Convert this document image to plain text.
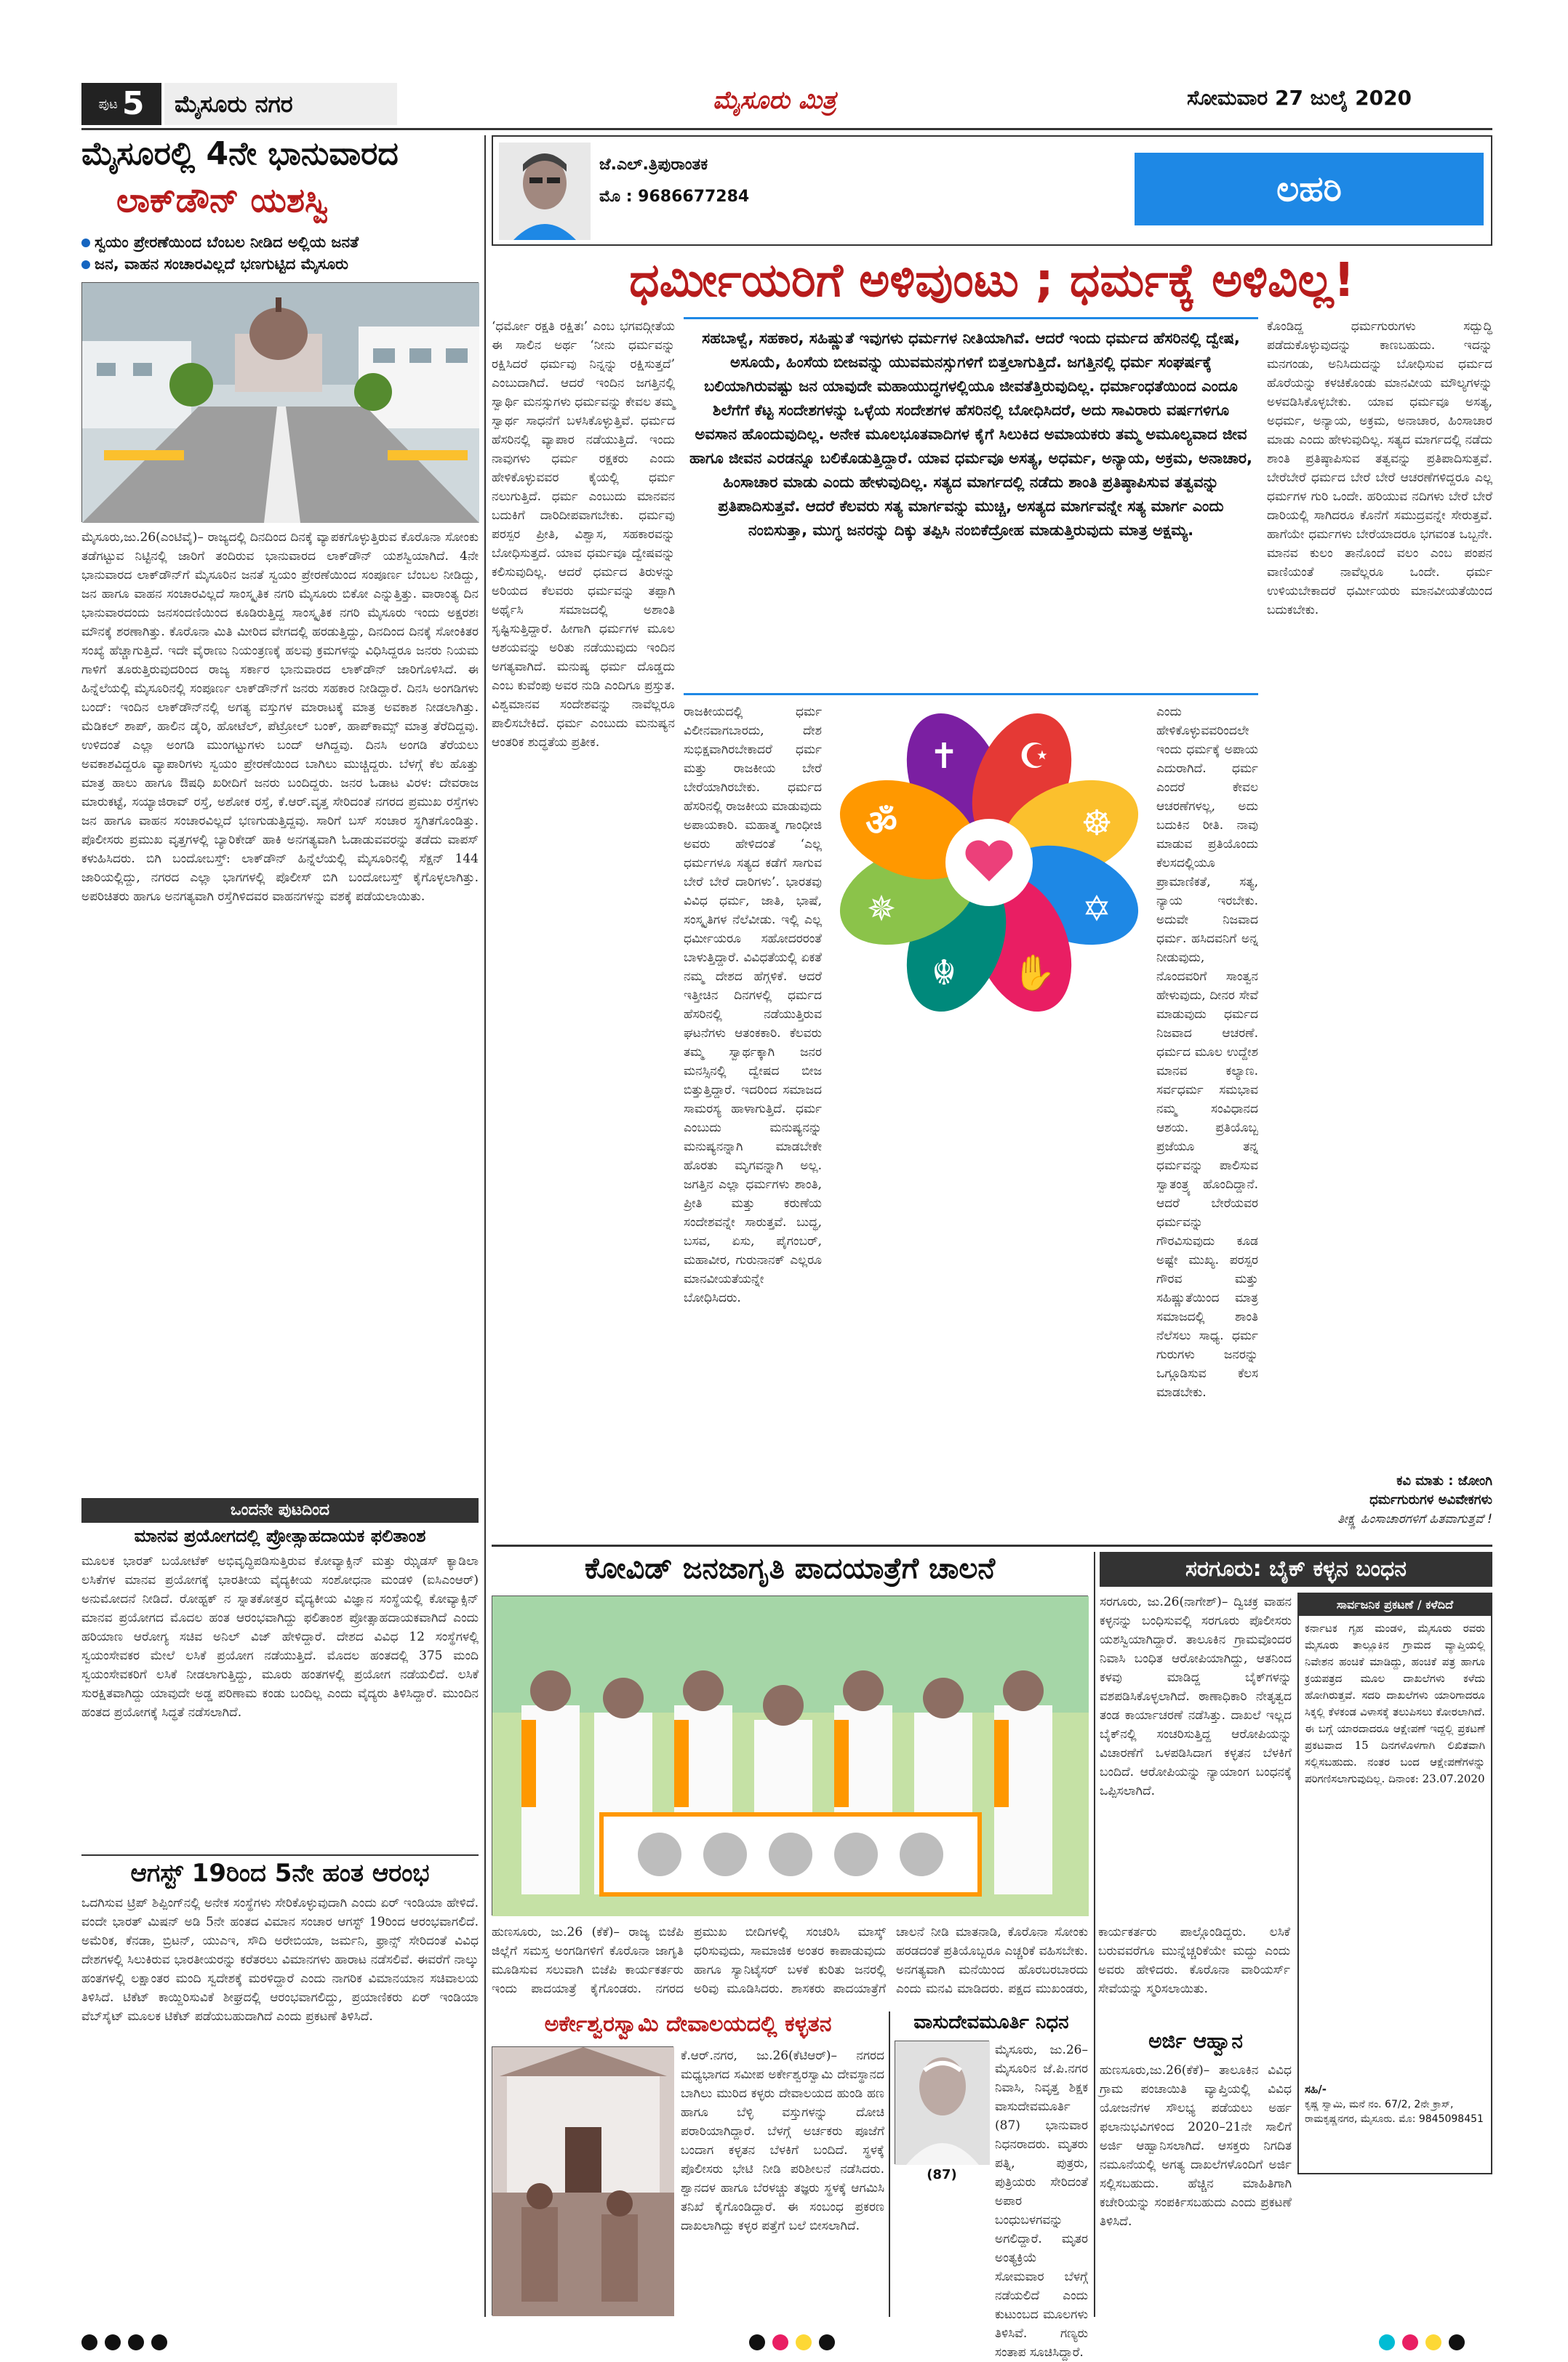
ಪುಟ 5 ಮೈಸೂರು ನಗರ	ಮೈಸೂರು ಮಿತ್ರ	ಸೋಮವಾರ 27 ಜುಲೈ 2020
ಮೈಸೂರಲ್ಲಿ 4ನೇ ಭಾನುವಾರದ
ಲಾಕ್‌ಡೌನ್ ಯಶಸ್ವಿ
ಸ್ವಯಂ ಪ್ರೇರಣೆಯಿಂದ ಬೆಂಬಲ ನೀಡಿದ ಅಲ್ಲಿಯ ಜನತೆ
ಜನ, ವಾಹನ ಸಂಚಾರವಿಲ್ಲದೆ ಭಣಗುಟ್ಟಿದ ಮೈಸೂರು
ಮೈಸೂರು,ಜು.26(ಎಂಟಿವೈ)– ರಾಜ್ಯದಲ್ಲಿ ದಿನದಿಂದ ದಿನಕ್ಕೆ ವ್ಯಾಪಕಗೊಳ್ಳುತ್ತಿರುವ ಕೊರೊನಾ ಸೋಂಕು ತಡೆಗಟ್ಟುವ ನಿಟ್ಟಿನಲ್ಲಿ ಜಾರಿಗೆ ತಂದಿರುವ ಭಾನುವಾರದ ಲಾಕ್‌ಡೌನ್ ಯಶಸ್ವಿಯಾಗಿದೆ. 4ನೇ ಭಾನುವಾರದ ಲಾಕ್‌ಡೌನ್‌ಗೆ ಮೈಸೂರಿನ ಜನತೆ ಸ್ವಯಂ ಪ್ರೇರಣೆಯಿಂದ ಸಂಪೂರ್ಣ ಬೆಂಬಲ ನೀಡಿದ್ದು, ಜನ ಹಾಗೂ ವಾಹನ ಸಂಚಾರವಿಲ್ಲದೆ ಸಾಂಸ್ಕೃತಿಕ ನಗರಿ ಮೈಸೂರು ಬಿಕೋ ಎನ್ನುತ್ತಿತ್ತು. ವಾರಾಂತ್ಯ ದಿನ ಭಾನುವಾರದಂದು ಜನಸಂದಣಿಯಿಂದ ಕೂಡಿರುತ್ತಿದ್ದ ಸಾಂಸ್ಕೃತಿಕ ನಗರಿ ಮೈಸೂರು ಇಂದು ಅಕ್ಷರಶಃ ಮೌನಕ್ಕೆ ಶರಣಾಗಿತ್ತು. ಕೊರೊನಾ ಮಿತಿ ಮೀರಿದ ವೇಗದಲ್ಲಿ ಹರಡುತ್ತಿದ್ದು, ದಿನದಿಂದ ದಿನಕ್ಕೆ ಸೋಂಕಿತರ ಸಂಖ್ಯೆ ಹೆಚ್ಚಾಗುತ್ತಿದೆ. ಇದೇ ವೈರಾಣು ನಿಯಂತ್ರಣಕ್ಕೆ ಹಲವು ಕ್ರಮಗಳನ್ನು ವಿಧಿಸಿದ್ದರೂ ಜನರು ನಿಯಮ ಗಾಳಿಗೆ ತೂರುತ್ತಿರುವುದರಿಂದ ರಾಜ್ಯ ಸರ್ಕಾರ ಭಾನುವಾರದ ಲಾಕ್‌ಡೌನ್ ಜಾರಿಗೊಳಿಸಿದೆ. ಈ ಹಿನ್ನೆಲೆಯಲ್ಲಿ ಮೈಸೂರಿನಲ್ಲಿ ಸಂಪೂರ್ಣ ಲಾಕ್‌ಡೌನ್‌ಗೆ ಜನರು ಸಹಕಾರ ನೀಡಿದ್ದಾರೆ. ದಿನಸಿ ಅಂಗಡಿಗಳು ಬಂದ್: ಇಂದಿನ ಲಾಕ್‌ಡೌನ್‌ನಲ್ಲಿ ಅಗತ್ಯ ವಸ್ತುಗಳ ಮಾರಾಟಕ್ಕೆ ಮಾತ್ರ ಅವಕಾಶ ನೀಡಲಾಗಿತ್ತು. ಮೆಡಿಕಲ್ ಶಾಪ್, ಹಾಲಿನ ಡೈರಿ, ಹೋಟೆಲ್, ಪೆಟ್ರೋಲ್ ಬಂಕ್, ಹಾಪ್‌ಕಾಮ್ಸ್ ಮಾತ್ರ ತೆರೆದಿದ್ದವು. ಉಳಿದಂತೆ ಎಲ್ಲಾ ಅಂಗಡಿ ಮುಂಗಟ್ಟುಗಳು ಬಂದ್ ಆಗಿದ್ದವು. ದಿನಸಿ ಅಂಗಡಿ ತೆರೆಯಲು ಅವಕಾಶವಿದ್ದರೂ ವ್ಯಾಪಾರಿಗಳು ಸ್ವಯಂ ಪ್ರೇರಣೆಯಿಂದ ಬಾಗಿಲು ಮುಚ್ಚಿದ್ದರು. ಬೆಳಗ್ಗೆ ಕೆಲ ಹೊತ್ತು ಮಾತ್ರ ಹಾಲು ಹಾಗೂ ಔಷಧಿ ಖರೀದಿಗೆ ಜನರು ಬಂದಿದ್ದರು. ಜನರ ಓಡಾಟ ವಿರಳ: ದೇವರಾಜ ಮಾರುಕಟ್ಟೆ, ಸಯ್ಯಾಜಿರಾವ್ ರಸ್ತೆ, ಅಶೋಕ ರಸ್ತೆ, ಕೆ.ಆರ್.ವೃತ್ತ ಸೇರಿದಂತೆ ನಗರದ ಪ್ರಮುಖ ರಸ್ತೆಗಳು ಜನ ಹಾಗೂ ವಾಹನ ಸಂಚಾರವಿಲ್ಲದೆ ಭಣಗುಡುತ್ತಿದ್ದವು. ಸಾರಿಗೆ ಬಸ್ ಸಂಚಾರ ಸ್ಥಗಿತಗೊಂಡಿತ್ತು. ಪೊಲೀಸರು ಪ್ರಮುಖ ವೃತ್ತಗಳಲ್ಲಿ ಬ್ಯಾರಿಕೇಡ್ ಹಾಕಿ ಅನಗತ್ಯವಾಗಿ ಓಡಾಡುವವರನ್ನು ತಡೆದು ವಾಪಸ್ ಕಳುಹಿಸಿದರು. ಬಿಗಿ ಬಂದೋಬಸ್ತ್: ಲಾಕ್‌ಡೌನ್ ಹಿನ್ನೆಲೆಯಲ್ಲಿ ಮೈಸೂರಿನಲ್ಲಿ ಸೆಕ್ಷನ್ 144 ಜಾರಿಯಲ್ಲಿದ್ದು, ನಗರದ ಎಲ್ಲಾ ಭಾಗಗಳಲ್ಲಿ ಪೊಲೀಸ್ ಬಿಗಿ ಬಂದೋಬಸ್ತ್ ಕೈಗೊಳ್ಳಲಾಗಿತ್ತು. ಅಪರಿಚಿತರು ಹಾಗೂ ಅನಗತ್ಯವಾಗಿ ರಸ್ತೆಗಿಳಿದವರ ವಾಹನಗಳನ್ನು ವಶಕ್ಕೆ ಪಡೆಯಲಾಯಿತು.
ಒಂದನೇ ಪುಟದಿಂದ
ಮಾನವ ಪ್ರಯೋಗದಲ್ಲಿ ಪ್ರೋತ್ಸಾಹದಾಯಕ ಫಲಿತಾಂಶ
ಮೂಲಕ ಭಾರತ್ ಬಯೋಟೆಕ್ ಅಭಿವೃದ್ಧಿಪಡಿಸುತ್ತಿರುವ ಕೋವ್ಯಾಕ್ಸಿನ್ ಮತ್ತು ಝೈಡಸ್ ಕ್ಯಾಡಿಲಾ ಲಸಿಕೆಗಳ ಮಾನವ ಪ್ರಯೋಗಕ್ಕೆ ಭಾರತೀಯ ವೈದ್ಯಕೀಯ ಸಂಶೋಧನಾ ಮಂಡಳಿ (ಐಸಿಎಂಆರ್) ಅನುಮೋದನೆ ನೀಡಿದೆ. ರೋಹ್ಟಕ್ ನ ಸ್ನಾತಕೋತ್ತರ ವೈದ್ಯಕೀಯ ವಿಜ್ಞಾನ ಸಂಸ್ಥೆಯಲ್ಲಿ ಕೋವ್ಯಾಕ್ಸಿನ್ ಮಾನವ ಪ್ರಯೋಗದ ಮೊದಲ ಹಂತ ಆರಂಭವಾಗಿದ್ದು ಫಲಿತಾಂಶ ಪ್ರೋತ್ಸಾಹದಾಯಕವಾಗಿದೆ ಎಂದು ಹರಿಯಾಣ ಆರೋಗ್ಯ ಸಚಿವ ಅನಿಲ್ ವಿಜ್ ಹೇಳಿದ್ದಾರೆ. ದೇಶದ ವಿವಿಧ 12 ಸಂಸ್ಥೆಗಳಲ್ಲಿ ಸ್ವಯಂಸೇವಕರ ಮೇಲೆ ಲಸಿಕೆ ಪ್ರಯೋಗ ನಡೆಯುತ್ತಿದೆ. ಮೊದಲ ಹಂತದಲ್ಲಿ 375 ಮಂದಿ ಸ್ವಯಂಸೇವಕರಿಗೆ ಲಸಿಕೆ ನೀಡಲಾಗುತ್ತಿದ್ದು, ಮೂರು ಹಂತಗಳಲ್ಲಿ ಪ್ರಯೋಗ ನಡೆಯಲಿದೆ. ಲಸಿಕೆ ಸುರಕ್ಷಿತವಾಗಿದ್ದು ಯಾವುದೇ ಅಡ್ಡ ಪರಿಣಾಮ ಕಂಡು ಬಂದಿಲ್ಲ ಎಂದು ವೈದ್ಯರು ತಿಳಿಸಿದ್ದಾರೆ. ಮುಂದಿನ ಹಂತದ ಪ್ರಯೋಗಕ್ಕೆ ಸಿದ್ಧತೆ ನಡೆಸಲಾಗಿದೆ.
ಆಗಸ್ಟ್ 19ರಿಂದ 5ನೇ ಹಂತ ಆರಂಭ
ಒದಗಿಸುವ ಟ್ರಿಪ್ ಶಿಪ್ಪಿಂಗ್‌ನಲ್ಲಿ ಅನೇಕ ಸಂಸ್ಥೆಗಳು ಸೇರಿಕೊಳ್ಳುವುದಾಗಿ ಎಂದು ಏರ್ ಇಂಡಿಯಾ ಹೇಳಿದೆ. ವಂದೇ ಭಾರತ್ ಮಿಷನ್ ಅಡಿ 5ನೇ ಹಂತದ ವಿಮಾನ ಸಂಚಾರ ಆಗಸ್ಟ್ 19ರಿಂದ ಆರಂಭವಾಗಲಿದೆ. ಅಮೆರಿಕ, ಕೆನಡಾ, ಬ್ರಿಟನ್, ಯುಎಇ, ಸೌದಿ ಅರೇಬಿಯಾ, ಜರ್ಮನಿ, ಫ್ರಾನ್ಸ್ ಸೇರಿದಂತೆ ವಿವಿಧ ದೇಶಗಳಲ್ಲಿ ಸಿಲುಕಿರುವ ಭಾರತೀಯರನ್ನು ಕರೆತರಲು ವಿಮಾನಗಳು ಹಾರಾಟ ನಡೆಸಲಿವೆ. ಈವರೆಗೆ ನಾಲ್ಕು ಹಂತಗಳಲ್ಲಿ ಲಕ್ಷಾಂತರ ಮಂದಿ ಸ್ವದೇಶಕ್ಕೆ ಮರಳಿದ್ದಾರೆ ಎಂದು ನಾಗರಿಕ ವಿಮಾನಯಾನ ಸಚಿವಾಲಯ ತಿಳಿಸಿದೆ. ಟಿಕೆಟ್ ಕಾಯ್ದಿರಿಸುವಿಕೆ ಶೀಘ್ರದಲ್ಲಿ ಆರಂಭವಾಗಲಿದ್ದು, ಪ್ರಯಾಣಿಕರು ಏರ್ ಇಂಡಿಯಾ ವೆಬ್‌ಸೈಟ್ ಮೂಲಕ ಟಿಕೆಟ್ ಪಡೆಯಬಹುದಾಗಿದೆ ಎಂದು ಪ್ರಕಟಣೆ ತಿಳಿಸಿದೆ.
ಜೆ.ಎಲ್.ತ್ರಿಪುರಾಂತಕ
ಮೊ : 9686677284	ಲಹರಿ
ಧರ್ಮೀಯರಿಗೆ ಅಳಿವುಂಟು ; ಧರ್ಮಕ್ಕೆ ಅಳಿವಿಲ್ಲ!
‘ಧರ್ಮೋ ರಕ್ಷತಿ ರಕ್ಷಿತಃ’ ಎಂಬ ಭಗವದ್ಗೀತೆಯ ಈ ಸಾಲಿನ ಅರ್ಥ ‘ನೀನು ಧರ್ಮವನ್ನು ರಕ್ಷಿಸಿದರೆ ಧರ್ಮವು ನಿನ್ನನ್ನು ರಕ್ಷಿಸುತ್ತದೆ’ ಎಂಬುದಾಗಿದೆ. ಆದರೆ ಇಂದಿನ ಜಗತ್ತಿನಲ್ಲಿ ಸ್ವಾರ್ಥಿ ಮನಸ್ಸುಗಳು ಧರ್ಮವನ್ನು ಕೇವಲ ತಮ್ಮ ಸ್ವಾರ್ಥ ಸಾಧನೆಗೆ ಬಳಸಿಕೊಳ್ಳುತ್ತಿವೆ. ಧರ್ಮದ ಹೆಸರಿನಲ್ಲಿ ವ್ಯಾಪಾರ ನಡೆಯುತ್ತಿದೆ. ಇಂದು ನಾವುಗಳು ಧರ್ಮ ರಕ್ಷಕರು ಎಂದು ಹೇಳಿಕೊಳ್ಳುವವರ ಕೈಯಲ್ಲಿ ಧರ್ಮ ನಲುಗುತ್ತಿದೆ. ಧರ್ಮ ಎಂಬುದು ಮಾನವನ ಬದುಕಿಗೆ ದಾರಿದೀಪವಾಗಬೇಕು. ಧರ್ಮವು ಪರಸ್ಪರ ಪ್ರೀತಿ, ವಿಶ್ವಾಸ, ಸಹಕಾರವನ್ನು ಬೋಧಿಸುತ್ತದೆ. ಯಾವ ಧರ್ಮವೂ ದ್ವೇಷವನ್ನು ಕಲಿಸುವುದಿಲ್ಲ. ಆದರೆ ಧರ್ಮದ ತಿರುಳನ್ನು ಅರಿಯದ ಕೆಲವರು ಧರ್ಮವನ್ನು ತಪ್ಪಾಗಿ ಅರ್ಥೈಸಿ ಸಮಾಜದಲ್ಲಿ ಅಶಾಂತಿ ಸೃಷ್ಟಿಸುತ್ತಿದ್ದಾರೆ. ಹೀಗಾಗಿ ಧರ್ಮಗಳ ಮೂಲ ಆಶಯವನ್ನು ಅರಿತು ನಡೆಯುವುದು ಇಂದಿನ ಅಗತ್ಯವಾಗಿದೆ. ಮನುಷ್ಯ ಧರ್ಮ ದೊಡ್ಡದು ಎಂಬ ಕುವೆಂಪು ಅವರ ನುಡಿ ಎಂದಿಗೂ ಪ್ರಸ್ತುತ. ವಿಶ್ವಮಾನವ ಸಂದೇಶವನ್ನು ನಾವೆಲ್ಲರೂ ಪಾಲಿಸಬೇಕಿದೆ. ಧರ್ಮ ಎಂಬುದು ಮನುಷ್ಯನ ಆಂತರಿಕ ಶುದ್ಧತೆಯ ಪ್ರತೀಕ.
ಸಹಬಾಳ್ವೆ, ಸಹಕಾರ, ಸಹಿಷ್ಣುತೆ ಇವುಗಳು ಧರ್ಮಗಳ ನೀತಿಯಾಗಿವೆ. ಆದರೆ ಇಂದು ಧರ್ಮದ ಹೆಸರಿನಲ್ಲಿ ದ್ವೇಷ, ಅಸೂಯೆ, ಹಿಂಸೆಯ ಬೀಜವನ್ನು ಯುವಮನಸ್ಸುಗಳಿಗೆ ಬಿತ್ತಲಾಗುತ್ತಿದೆ. ಜಗತ್ತಿನಲ್ಲಿ ಧರ್ಮ ಸಂಘರ್ಷಕ್ಕೆ ಬಲಿಯಾಗಿರುವಷ್ಟು ಜನ ಯಾವುದೇ ಮಹಾಯುದ್ಧಗಳಲ್ಲಿಯೂ ಜೀವತೆತ್ತಿರುವುದಿಲ್ಲ. ಧರ್ಮಾಂಧತೆಯಿಂದ ಎಂದೂ ಶಿಲೆಗೆಗೆ ಕೆಟ್ಟ ಸಂದೇಶಗಳನ್ನು ಒಳ್ಳೆಯ ಸಂದೇಶಗಳ ಹೆಸರಿನಲ್ಲಿ ಬೋಧಿಸಿದರೆ, ಅದು ಸಾವಿರಾರು ವರ್ಷಗಳಿಗೂ ಅವಸಾನ ಹೊಂದುವುದಿಲ್ಲ. ಅನೇಕ ಮೂಲಭೂತವಾದಿಗಳ ಕೈಗೆ ಸಿಲುಕಿದ ಅಮಾಯಕರು ತಮ್ಮ ಅಮೂಲ್ಯವಾದ ಜೀವ ಹಾಗೂ ಜೀವನ ಎರಡನ್ನೂ ಬಲಿಕೊಡುತ್ತಿದ್ದಾರೆ. ಯಾವ ಧರ್ಮವೂ ಅಸತ್ಯ, ಅಧರ್ಮ, ಅನ್ಯಾಯ, ಅಕ್ರಮ, ಅನಾಚಾರ, ಹಿಂಸಾಚಾರ ಮಾಡು ಎಂದು ಹೇಳುವುದಿಲ್ಲ. ಸತ್ಯದ ಮಾರ್ಗದಲ್ಲಿ ನಡೆದು ಶಾಂತಿ ಪ್ರತಿಷ್ಠಾಪಿಸುವ ತತ್ವವನ್ನು ಪ್ರತಿಪಾದಿಸುತ್ತವೆ. ಆದರೆ ಕೆಲವರು ಸತ್ಯ ಮಾರ್ಗವನ್ನು ಮುಚ್ಚಿ, ಅಸತ್ಯದ ಮಾರ್ಗವನ್ನೇ ಸತ್ಯ ಮಾರ್ಗ ಎಂದು ನಂಬಿಸುತ್ತಾ, ಮುಗ್ಧ ಜನರನ್ನು ದಿಕ್ಕು ತಪ್ಪಿಸಿ ನಂಬಿಕೆದ್ರೋಹ ಮಾಡುತ್ತಿರುವುದು ಮಾತ್ರ ಅಕ್ಷಮ್ಯ.
ಕೊಂಡಿದ್ದ ಧರ್ಮಗುರುಗಳು ಸದ್ಬುದ್ಧಿ ಪಡೆದುಕೊಳ್ಳುವುದನ್ನು ಕಾಣಬಹುದು. ಇದನ್ನು ಮನಗಂಡು, ಅನಿಸಿದುದನ್ನು ಬೋಧಿಸುವ ಧರ್ಮದ ಹೊರೆಯನ್ನು ಕಳಚಿಕೊಂಡು ಮಾನವೀಯ ಮೌಲ್ಯಗಳನ್ನು ಅಳವಡಿಸಿಕೊಳ್ಳಬೇಕು. ಯಾವ ಧರ್ಮವೂ ಅಸತ್ಯ, ಅಧರ್ಮ, ಅನ್ಯಾಯ, ಅಕ್ರಮ, ಅನಾಚಾರ, ಹಿಂಸಾಚಾರ ಮಾಡು ಎಂದು ಹೇಳುವುದಿಲ್ಲ. ಸತ್ಯದ ಮಾರ್ಗದಲ್ಲಿ ನಡೆದು ಶಾಂತಿ ಪ್ರತಿಷ್ಠಾಪಿಸುವ ತತ್ವವನ್ನು ಪ್ರತಿಪಾದಿಸುತ್ತವೆ. ಬೇರೆಬೇರೆ ಧರ್ಮದ ಬೇರೆ ಬೇರೆ ಆಚರಣೆಗಳಿದ್ದರೂ ಎಲ್ಲ ಧರ್ಮಗಳ ಗುರಿ ಒಂದೇ. ಹರಿಯುವ ನದಿಗಳು ಬೇರೆ ಬೇರೆ ದಾರಿಯಲ್ಲಿ ಸಾಗಿದರೂ ಕೊನೆಗೆ ಸಮುದ್ರವನ್ನೇ ಸೇರುತ್ತವೆ. ಹಾಗೆಯೇ ಧರ್ಮಗಳು ಬೇರೆಯಾದರೂ ಭಗವಂತ ಒಬ್ಬನೇ. ಮಾನವ ಕುಲಂ ತಾನೊಂದೆ ವಲಂ ಎಂಬ ಪಂಪನ ವಾಣಿಯಂತೆ ನಾವೆಲ್ಲರೂ ಒಂದೇ. ಧರ್ಮ ಉಳಿಯಬೇಕಾದರೆ ಧರ್ಮೀಯರು ಮಾನವೀಯತೆಯಿಂದ ಬದುಕಬೇಕು.
ರಾಜಕೀಯದಲ್ಲಿ ಧರ್ಮ ವಿಲೀನವಾಗಬಾರದು, ದೇಶ ಸುಭಿಕ್ಷವಾಗಿರಬೇಕಾದರೆ ಧರ್ಮ ಮತ್ತು ರಾಜಕೀಯ ಬೇರೆ ಬೇರೆಯಾಗಿರಬೇಕು. ಧರ್ಮದ ಹೆಸರಿನಲ್ಲಿ ರಾಜಕೀಯ ಮಾಡುವುದು ಅಪಾಯಕಾರಿ. ಮಹಾತ್ಮ ಗಾಂಧೀಜಿ ಅವರು ಹೇಳಿದಂತೆ ‘ಎಲ್ಲ ಧರ್ಮಗಳೂ ಸತ್ಯದ ಕಡೆಗೆ ಸಾಗುವ ಬೇರೆ ಬೇರೆ ದಾರಿಗಳು’. ಭಾರತವು ವಿವಿಧ ಧರ್ಮ, ಜಾತಿ, ಭಾಷೆ, ಸಂಸ್ಕೃತಿಗಳ ನೆಲೆವೀಡು. ಇಲ್ಲಿ ಎಲ್ಲ ಧರ್ಮೀಯರೂ ಸಹೋದರರಂತೆ ಬಾಳುತ್ತಿದ್ದಾರೆ. ವಿವಿಧತೆಯಲ್ಲಿ ಏಕತೆ ನಮ್ಮ ದೇಶದ ಹೆಗ್ಗಳಿಕೆ. ಆದರೆ ಇತ್ತೀಚಿನ ದಿನಗಳಲ್ಲಿ ಧರ್ಮದ ಹೆಸರಿನಲ್ಲಿ ನಡೆಯುತ್ತಿರುವ ಘಟನೆಗಳು ಆತಂಕಕಾರಿ. ಕೆಲವರು ತಮ್ಮ ಸ್ವಾರ್ಥಕ್ಕಾಗಿ ಜನರ ಮನಸ್ಸಿನಲ್ಲಿ ದ್ವೇಷದ ಬೀಜ ಬಿತ್ತುತ್ತಿದ್ದಾರೆ. ಇದರಿಂದ ಸಮಾಜದ ಸಾಮರಸ್ಯ ಹಾಳಾಗುತ್ತಿದೆ. ಧರ್ಮ ಎಂಬುದು ಮನುಷ್ಯನನ್ನು ಮನುಷ್ಯನನ್ನಾಗಿ ಮಾಡಬೇಕೇ ಹೊರತು ಮೃಗವನ್ನಾಗಿ ಅಲ್ಲ. ಜಗತ್ತಿನ ಎಲ್ಲಾ ಧರ್ಮಗಳು ಶಾಂತಿ, ಪ್ರೀತಿ ಮತ್ತು ಕರುಣೆಯ ಸಂದೇಶವನ್ನೇ ಸಾರುತ್ತವೆ. ಬುದ್ಧ, ಬಸವ, ಏಸು, ಪೈಗಂಬರ್, ಮಹಾವೀರ, ಗುರುನಾನಕ್ ಎಲ್ಲರೂ ಮಾನವೀಯತೆಯನ್ನೇ ಬೋಧಿಸಿದರು.
✝ ☪
☸
✡
✋
☬
✵
ॐ
ಎಂದು ಹೇಳಿಕೊಳ್ಳುವವರಿಂದಲೇ ಇಂದು ಧರ್ಮಕ್ಕೆ ಅಪಾಯ ಎದುರಾಗಿದೆ. ಧರ್ಮ ಎಂದರೆ ಕೇವಲ ಆಚರಣೆಗಳಲ್ಲ, ಅದು ಬದುಕಿನ ರೀತಿ. ನಾವು ಮಾಡುವ ಪ್ರತಿಯೊಂದು ಕೆಲಸದಲ್ಲಿಯೂ ಪ್ರಾಮಾಣಿಕತೆ, ಸತ್ಯ, ನ್ಯಾಯ ಇರಬೇಕು. ಅದುವೇ ನಿಜವಾದ ಧರ್ಮ. ಹಸಿದವನಿಗೆ ಅನ್ನ ನೀಡುವುದು, ನೊಂದವರಿಗೆ ಸಾಂತ್ವನ ಹೇಳುವುದು, ದೀನರ ಸೇವೆ ಮಾಡುವುದು ಧರ್ಮದ ನಿಜವಾದ ಆಚರಣೆ. ಧರ್ಮದ ಮೂಲ ಉದ್ದೇಶ ಮಾನವ ಕಲ್ಯಾಣ. ಸರ್ವಧರ್ಮ ಸಮಭಾವ ನಮ್ಮ ಸಂವಿಧಾನದ ಆಶಯ. ಪ್ರತಿಯೊಬ್ಬ ಪ್ರಜೆಯೂ ತನ್ನ ಧರ್ಮವನ್ನು ಪಾಲಿಸುವ ಸ್ವಾತಂತ್ರ್ಯ ಹೊಂದಿದ್ದಾನೆ. ಆದರೆ ಬೇರೆಯವರ ಧರ್ಮವನ್ನು ಗೌರವಿಸುವುದು ಕೂಡ ಅಷ್ಟೇ ಮುಖ್ಯ. ಪರಸ್ಪರ ಗೌರವ ಮತ್ತು ಸಹಿಷ್ಣುತೆಯಿಂದ ಮಾತ್ರ ಸಮಾಜದಲ್ಲಿ ಶಾಂತಿ ನೆಲೆಸಲು ಸಾಧ್ಯ. ಧರ್ಮ ಗುರುಗಳು ಜನರನ್ನು ಒಗ್ಗೂಡಿಸುವ ಕೆಲಸ ಮಾಡಬೇಕು.
ಕವಿ ಮಾತು : ಜೋಂಗಿ
ಧರ್ಮಗುರುಗಳ ಅವಿವೇಕಗಳು
ತೀಕ್ಷ್ಣ ಹಿಂಸಾಚಾರಗಳಿಗೆ ಹಿತವಾಗುತ್ತವೆ !
ಕೋವಿಡ್ ಜನಜಾಗೃತಿ ಪಾದಯಾತ್ರೆಗೆ ಚಾಲನೆ
ಹುಣಸೂರು, ಜು.26 (ಕೆಕೆ)– ರಾಜ್ಯ ಬಿಜೆಪಿ ಜಿಲ್ಲೆಗೆ ಸಮಸ್ತ ಅಂಗಡಿಗಳಿಗೆ ಕೊರೊನಾ ಜಾಗೃತಿ ಮೂಡಿಸುವ ಸಲುವಾಗಿ ಬಿಜೆಪಿ ಕಾರ್ಯಕರ್ತರು ಇಂದು ಪಾದಯಾತ್ರೆ ಕೈಗೊಂಡರು. ನಗರದ ಪ್ರಮುಖ ಬೀದಿಗಳಲ್ಲಿ ಸಂಚರಿಸಿ ಮಾಸ್ಕ್ ಧರಿಸುವುದು, ಸಾಮಾಜಿಕ ಅಂತರ ಕಾಪಾಡುವುದು ಹಾಗೂ ಸ್ಯಾನಿಟೈಸರ್ ಬಳಕೆ ಕುರಿತು ಜನರಲ್ಲಿ ಅರಿವು ಮೂಡಿಸಿದರು. ಶಾಸಕರು ಪಾದಯಾತ್ರೆಗೆ ಚಾಲನೆ ನೀಡಿ ಮಾತನಾಡಿ, ಕೊರೊನಾ ಸೋಂಕು ಹರಡದಂತೆ ಪ್ರತಿಯೊಬ್ಬರೂ ಎಚ್ಚರಿಕೆ ವಹಿಸಬೇಕು. ಅನಗತ್ಯವಾಗಿ ಮನೆಯಿಂದ ಹೊರಬರಬಾರದು ಎಂದು ಮನವಿ ಮಾಡಿದರು. ಪಕ್ಷದ ಮುಖಂಡರು, ಕಾರ್ಯಕರ್ತರು ಪಾಲ್ಗೊಂಡಿದ್ದರು. ಲಸಿಕೆ ಬರುವವರೆಗೂ ಮುನ್ನೆಚ್ಚರಿಕೆಯೇ ಮದ್ದು ಎಂದು ಅವರು ಹೇಳಿದರು. ಕೊರೊನಾ ವಾರಿಯರ್ಸ್ ಸೇವೆಯನ್ನು ಸ್ಮರಿಸಲಾಯಿತು.
ಅರ್ಕೇಶ್ವರಸ್ವಾಮಿ ದೇವಾಲಯದಲ್ಲಿ ಕಳ್ಳತನ
ಕೆ.ಆರ್.ನಗರ, ಜು.26(ಕೆಟಿಆರ್)– ನಗರದ ಮಧ್ಯಭಾಗದ ಸಮೀಪ ಅರ್ಕೇಶ್ವರಸ್ವಾಮಿ ದೇವಸ್ಥಾನದ ಬಾಗಿಲು ಮುರಿದ ಕಳ್ಳರು ದೇವಾಲಯದ ಹುಂಡಿ ಹಣ ಹಾಗೂ ಬೆಳ್ಳಿ ವಸ್ತುಗಳನ್ನು ದೋಚಿ ಪರಾರಿಯಾಗಿದ್ದಾರೆ. ಬೆಳಗ್ಗೆ ಅರ್ಚಕರು ಪೂಜೆಗೆ ಬಂದಾಗ ಕಳ್ಳತನ ಬೆಳಕಿಗೆ ಬಂದಿದೆ. ಸ್ಥಳಕ್ಕೆ ಪೊಲೀಸರು ಭೇಟಿ ನೀಡಿ ಪರಿಶೀಲನೆ ನಡೆಸಿದರು. ಶ್ವಾನದಳ ಹಾಗೂ ಬೆರಳಚ್ಚು ತಜ್ಞರು ಸ್ಥಳಕ್ಕೆ ಆಗಮಿಸಿ ತನಿಖೆ ಕೈಗೊಂಡಿದ್ದಾರೆ. ಈ ಸಂಬಂಧ ಪ್ರಕರಣ ದಾಖಲಾಗಿದ್ದು ಕಳ್ಳರ ಪತ್ತೆಗೆ ಬಲೆ ಬೀಸಲಾಗಿದೆ.
ವಾಸುದೇವಮೂರ್ತಿ ನಿಧನ
(87)
ಮೈಸೂರು, ಜು.26– ಮೈಸೂರಿನ ಜೆ.ಪಿ.ನಗರ ನಿವಾಸಿ, ನಿವೃತ್ತ ಶಿಕ್ಷಕ ವಾಸುದೇವಮೂರ್ತಿ (87) ಭಾನುವಾರ ನಿಧನರಾದರು. ಮೃತರು ಪತ್ನಿ, ಪುತ್ರರು, ಪುತ್ರಿಯರು ಸೇರಿದಂತೆ ಅಪಾರ ಬಂಧುಬಳಗವನ್ನು ಅಗಲಿದ್ದಾರೆ. ಮೃತರ ಅಂತ್ಯಕ್ರಿಯೆ ಸೋಮವಾರ ಬೆಳಗ್ಗೆ ನಡೆಯಲಿದೆ ಎಂದು ಕುಟುಂಬದ ಮೂಲಗಳು ತಿಳಿಸಿವೆ. ಗಣ್ಯರು ಸಂತಾಪ ಸೂಚಿಸಿದ್ದಾರೆ.
ಸರಗೂರು: ಬೈಕ್ ಕಳ್ಳನ ಬಂಧನ
ಸರಗೂರು, ಜು.26(ನಾಗೇಶ್)– ದ್ವಿಚಕ್ರ ವಾಹನ ಕಳ್ಳನನ್ನು ಬಂಧಿಸುವಲ್ಲಿ ಸರಗೂರು ಪೊಲೀಸರು ಯಶಸ್ವಿಯಾಗಿದ್ದಾರೆ. ತಾಲೂಕಿನ ಗ್ರಾಮವೊಂದರ ನಿವಾಸಿ ಬಂಧಿತ ಆರೋಪಿಯಾಗಿದ್ದು, ಆತನಿಂದ ಕಳವು ಮಾಡಿದ್ದ ಬೈಕ್‌ಗಳನ್ನು ವಶಪಡಿಸಿಕೊಳ್ಳಲಾಗಿದೆ. ಠಾಣಾಧಿಕಾರಿ ನೇತೃತ್ವದ ತಂಡ ಕಾರ್ಯಾಚರಣೆ ನಡೆಸಿತ್ತು. ದಾಖಲೆ ಇಲ್ಲದ ಬೈಕ್‌ನಲ್ಲಿ ಸಂಚರಿಸುತ್ತಿದ್ದ ಆರೋಪಿಯನ್ನು ವಿಚಾರಣೆಗೆ ಒಳಪಡಿಸಿದಾಗ ಕಳ್ಳತನ ಬೆಳಕಿಗೆ ಬಂದಿದೆ. ಆರೋಪಿಯನ್ನು ನ್ಯಾಯಾಂಗ ಬಂಧನಕ್ಕೆ ಒಪ್ಪಿಸಲಾಗಿದೆ.
ಸಾರ್ವಜನಿಕ ಪ್ರಕಟಣೆ / ಕಳೆದಿದೆ
ಕರ್ನಾಟಕ ಗೃಹ ಮಂಡಳಿ, ಮೈಸೂರು ರವರು ಮೈಸೂರು ತಾಲ್ಲೂಕಿನ ಗ್ರಾಮದ ವ್ಯಾಪ್ತಿಯಲ್ಲಿ ನಿವೇಶನ ಹಂಚಿಕೆ ಮಾಡಿದ್ದು, ಹಂಚಿಕೆ ಪತ್ರ ಹಾಗೂ ಕ್ರಯಪತ್ರದ ಮೂಲ ದಾಖಲೆಗಳು ಕಳೆದು ಹೋಗಿರುತ್ತವೆ. ಸದರಿ ದಾಖಲೆಗಳು ಯಾರಿಗಾದರೂ ಸಿಕ್ಕಲ್ಲಿ ಕೆಳಕಂಡ ವಿಳಾಸಕ್ಕೆ ತಲುಪಿಸಲು ಕೋರಲಾಗಿದೆ. ಈ ಬಗ್ಗೆ ಯಾರದಾದರೂ ಆಕ್ಷೇಪಣೆ ಇದ್ದಲ್ಲಿ ಪ್ರಕಟಣೆ ಪ್ರಕಟವಾದ 15 ದಿನಗಳೊಳಗಾಗಿ ಲಿಖಿತವಾಗಿ ಸಲ್ಲಿಸಬಹುದು. ನಂತರ ಬಂದ ಆಕ್ಷೇಪಣೆಗಳನ್ನು ಪರಿಗಣಿಸಲಾಗುವುದಿಲ್ಲ. ದಿನಾಂಕ: 23.07.2020
ಸಹಿ/-
ಕೃಷ್ಣ ಸ್ವಾಮಿ, ಮನೆ ನಂ. 67/2, 2ನೇ ಕ್ರಾಸ್, ರಾಮಕೃಷ್ಣನಗರ, ಮೈಸೂರು. ಮೊ: 9845098451
ಅರ್ಜಿ ಆಹ್ವಾನ
ಹುಣಸೂರು,ಜು.26(ಕೆಕೆ)– ತಾಲೂಕಿನ ವಿವಿಧ ಗ್ರಾಮ ಪಂಚಾಯಿತಿ ವ್ಯಾಪ್ತಿಯಲ್ಲಿ ವಿವಿಧ ಯೋಜನೆಗಳ ಸೌಲಭ್ಯ ಪಡೆಯಲು ಅರ್ಹ ಫಲಾನುಭವಿಗಳಿಂದ 2020–21ನೇ ಸಾಲಿಗೆ ಅರ್ಜಿ ಆಹ್ವಾನಿಸಲಾಗಿದೆ. ಆಸಕ್ತರು ನಿಗದಿತ ನಮೂನೆಯಲ್ಲಿ ಅಗತ್ಯ ದಾಖಲೆಗಳೊಂದಿಗೆ ಅರ್ಜಿ ಸಲ್ಲಿಸಬಹುದು. ಹೆಚ್ಚಿನ ಮಾಹಿತಿಗಾಗಿ ಕಚೇರಿಯನ್ನು ಸಂಪರ್ಕಿಸಬಹುದು ಎಂದು ಪ್ರಕಟಣೆ ತಿಳಿಸಿದೆ.
